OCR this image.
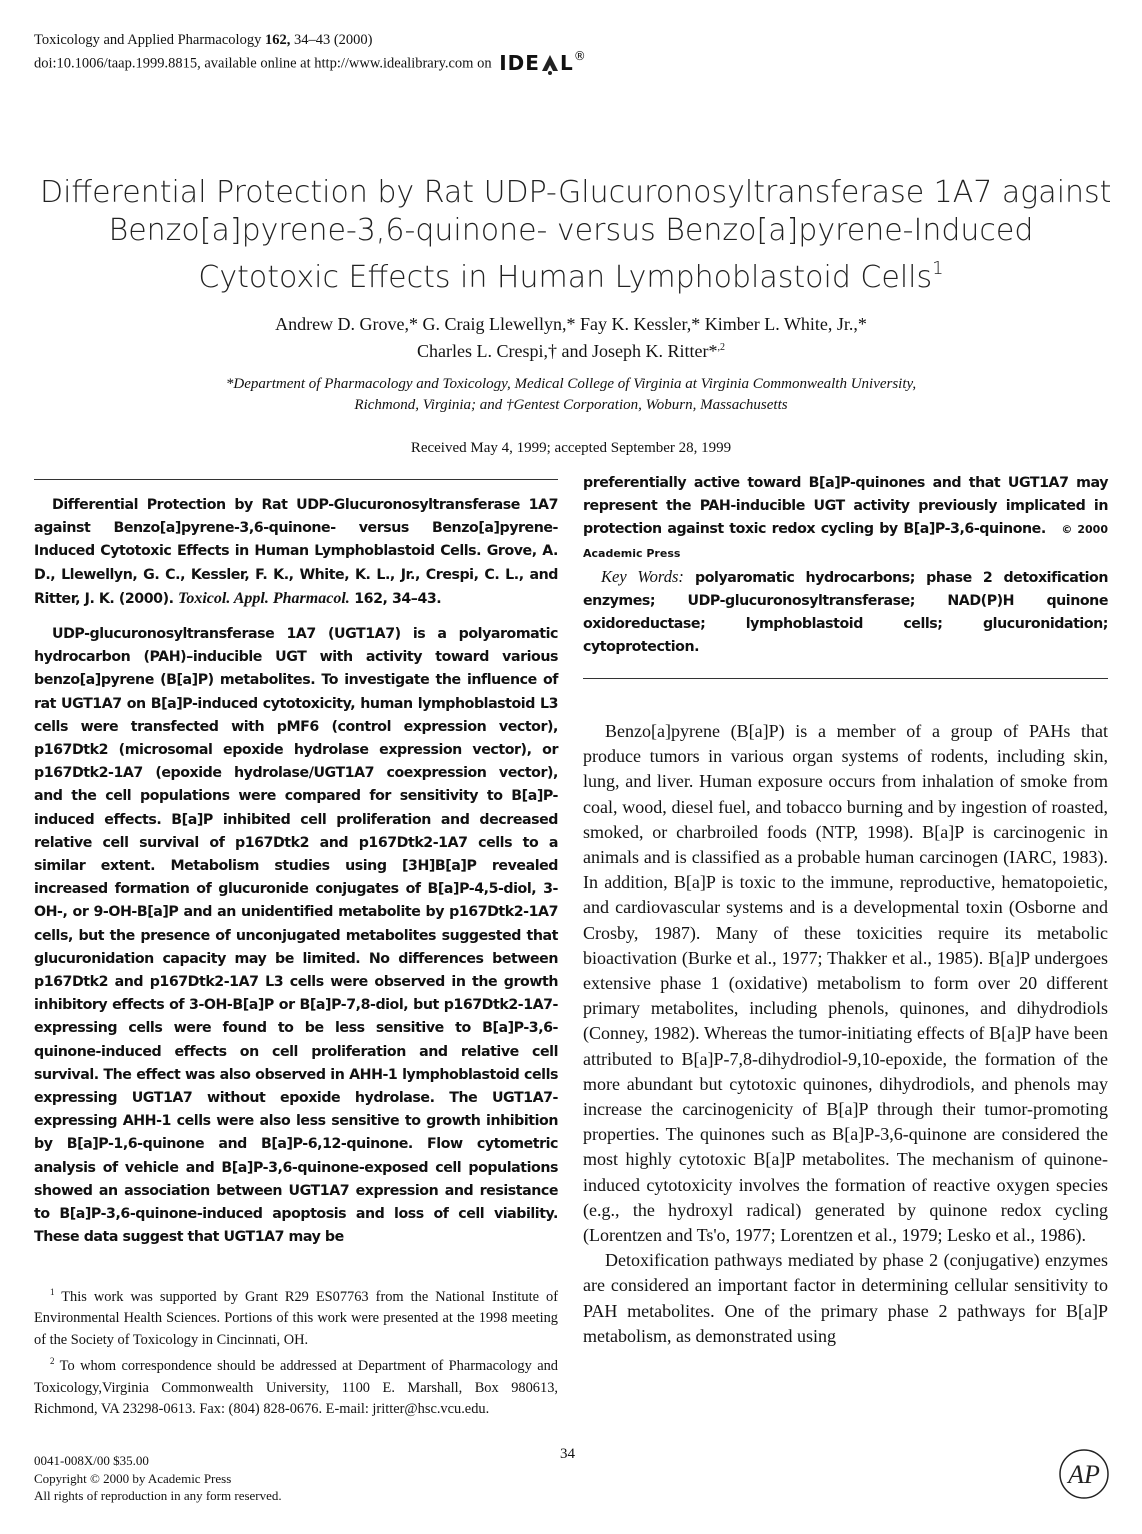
Toxicology and Applied Pharmacology 162, 34–43 (2000)
doi:10.1006/taap.1999.8815, available online at http://www.idealibrary.com on IDE L®
Differential Protection by Rat UDP-Glucuronosyltransferase 1A7 against
Benzo[a]pyrene-3,6-quinone- versus Benzo[a]pyrene-Induced
Cytotoxic Effects in Human Lymphoblastoid Cells$^1$
Andrew D. Grove,* G. Craig Llewellyn,* Fay K. Kessler,* Kimber L. White, Jr.,*
Charles L. Crespi,† and Joseph K. Ritter*$^{,2}$
*Department of Pharmacology and Toxicology, Medical College of Virginia at Virginia Commonwealth University,
Richmond, Virginia; and †Gentest Corporation, Woburn, Massachusetts
Received May 4, 1999; accepted September 28, 1999

Differential Protection by Rat UDP-Glucuronosyltransferase 1A7 against Benzo[a]pyrene-3,6-quinone- versus Benzo[a]pyrene-Induced Cytotoxic Effects in Human Lymphoblastoid Cells. Grove, A. D., Llewellyn, G. C., Kessler, F. K., White, K. L., Jr., Crespi, C. L., and Ritter, J. K. (2000). Toxicol. Appl. Pharmacol. 162, 34–43.

UDP-glucuronosyltransferase 1A7 (UGT1A7) is a polyaromatic hydrocarbon (PAH)–inducible UGT with activity toward various benzo[a]pyrene (B[a]P) metabolites. To investigate the influence of rat UGT1A7 on B[a]P-induced cytotoxicity, human lymphoblastoid L3 cells were transfected with pMF6 (control expression vector), p167Dtk2 (microsomal epoxide hydrolase expression vector), or p167Dtk2-1A7 (epoxide hydrolase/UGT1A7 coexpression vector), and the cell populations were compared for sensitivity to B[a]P-induced effects. B[a]P inhibited cell proliferation and decreased relative cell survival of p167Dtk2 and p167Dtk2-1A7 cells to a similar extent. Metabolism studies using [3H]B[a]P revealed increased formation of glucuronide conjugates of B[a]P-4,5-diol, 3-OH-, or 9-OH-B[a]P and an unidentified metabolite by p167Dtk2-1A7 cells, but the presence of unconjugated metabolites suggested that glucuronidation capacity may be limited. No differences between p167Dtk2 and p167Dtk2-1A7 L3 cells were observed in the growth inhibitory effects of 3-OH-B[a]P or B[a]P-7,8-diol, but p167Dtk2-1A7-expressing cells were found to be less sensitive to B[a]P-3,6-quinone-induced effects on cell proliferation and relative cell survival. The effect was also observed in AHH-1 lymphoblastoid cells expressing UGT1A7 without epoxide hydrolase. The UGT1A7-expressing AHH-1 cells were also less sensitive to growth inhibition by B[a]P-1,6-quinone and B[a]P-6,12-quinone. Flow cytometric analysis of vehicle and B[a]P-3,6-quinone-exposed cell populations showed an association between UGT1A7 expression and resistance to B[a]P-3,6-quinone-induced apoptosis and loss of cell viability. These data suggest that UGT1A7 may be

preferentially active toward B[a]P-quinones and that UGT1A7 may represent the PAH-inducible UGT activity previously implicated in protection against toxic redox cycling by B[a]P-3,6-quinone. © 2000 Academic Press

Key Words: polyaromatic hydrocarbons; phase 2 detoxification enzymes; UDP-glucuronosyltransferase; NAD(P)H quinone oxidoreductase; lymphoblastoid cells; glucuronidation; cytoprotection.

Benzo[a]pyrene (B[a]P) is a member of a group of PAHs that produce tumors in various organ systems of rodents, including skin, lung, and liver. Human exposure occurs from inhalation of smoke from coal, wood, diesel fuel, and tobacco burning and by ingestion of roasted, smoked, or charbroiled foods (NTP, 1998). B[a]P is carcinogenic in animals and is classified as a probable human carcinogen (IARC, 1983). In addition, B[a]P is toxic to the immune, reproductive, hematopoietic, and cardiovascular systems and is a developmental toxin (Osborne and Crosby, 1987). Many of these toxicities require its metabolic bioactivation (Burke et al., 1977; Thakker et al., 1985). B[a]P undergoes extensive phase 1 (oxidative) metabolism to form over 20 different primary metabolites, including phenols, quinones, and dihydrodiols (Conney, 1982). Whereas the tumor-initiating effects of B[a]P have been attributed to B[a]P-7,8-dihydrodiol-9,10-epoxide, the formation of the more abundant but cytotoxic quinones, dihydrodiols, and phenols may increase the carcinogenicity of B[a]P through their tumor-promoting properties. The quinones such as B[a]P-3,6-quinone are considered the most highly cytotoxic B[a]P metabolites. The mechanism of quinone-induced cytotoxicity involves the formation of reactive oxygen species (e.g., the hydroxyl radical) generated by quinone redox cycling (Lorentzen and Ts'o, 1977; Lorentzen et al., 1979; Lesko et al., 1986).

Detoxification pathways mediated by phase 2 (conjugative) enzymes are considered an important factor in determining cellular sensitivity to PAH metabolites. One of the primary phase 2 pathways for B[a]P metabolism, as demonstrated using

$^1$ This work was supported by Grant R29 ES07763 from the National Institute of Environmental Health Sciences. Portions of this work were presented at the 1998 meeting of the Society of Toxicology in Cincinnati, OH.

$^2$ To whom correspondence should be addressed at Department of Pharmacology and Toxicology,Virginia Commonwealth University, 1100 E. Marshall, Box 980613, Richmond, VA 23298-0613. Fax: (804) 828-0676. E-mail: jritter@hsc.vcu.edu.

0041-008X/00 $35.00
Copyright © 2000 by Academic Press
All rights of reproduction in any form reserved.
34
AP
